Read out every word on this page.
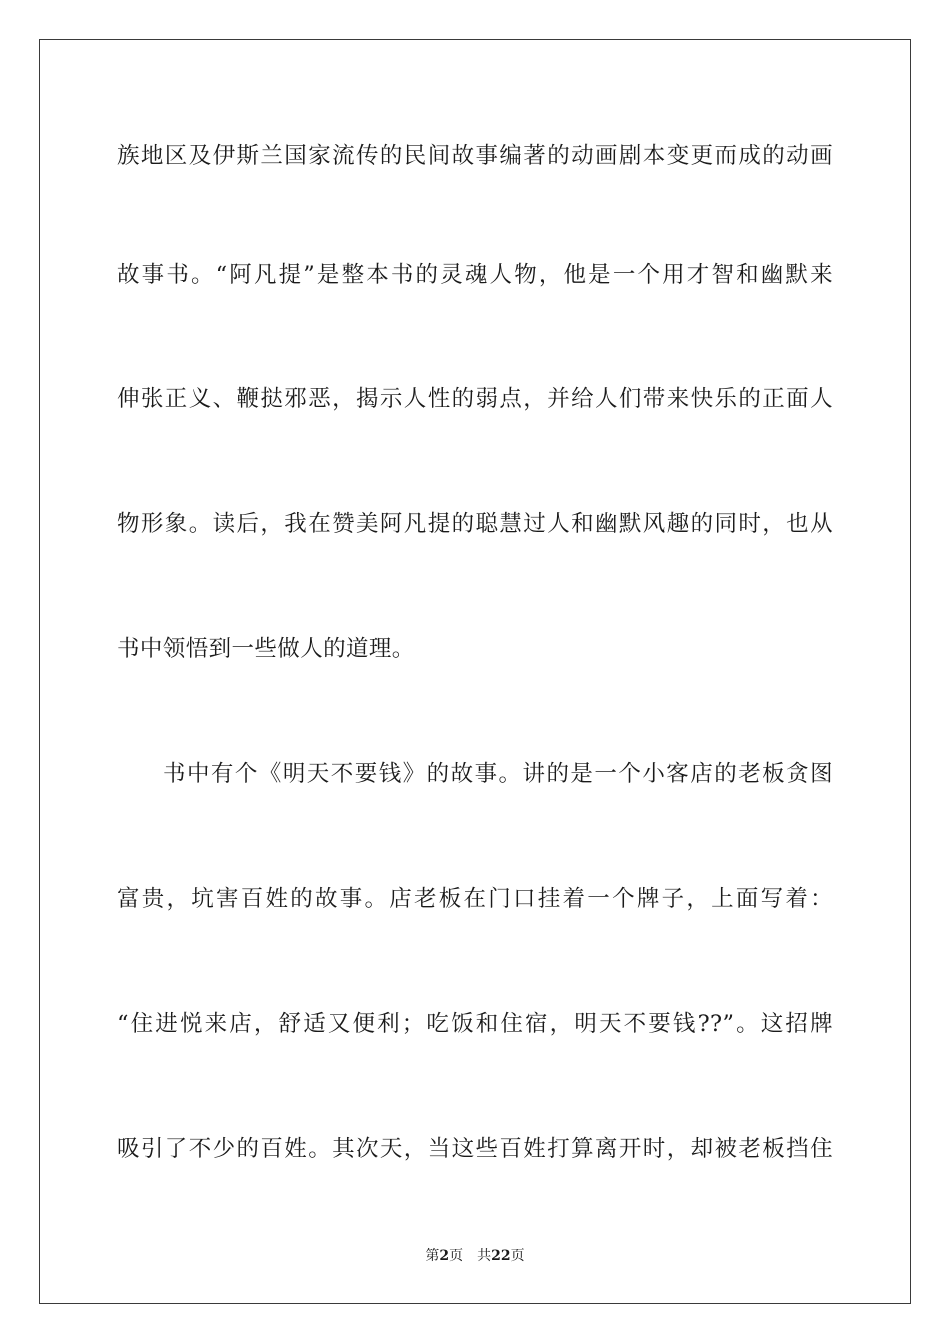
族地区及伊斯兰国家流传的民间故事编著的动画剧本变更而成的动画
故事书。“阿凡提”是整本书的灵魂人物，他是一个用才智和幽默来
伸张正义、鞭挞邪恶，揭示人性的弱点，并给人们带来快乐的正面人
物形象。读后，我在赞美阿凡提的聪慧过人和幽默风趣的同时，也从
书中领悟到一些做人的道理。
书中有个《明天不要钱》的故事。讲的是一个小客店的老板贪图
富贵，坑害百姓的故事。店老板在门口挂着一个牌子，上面写着：
“住进悦来店，舒适又便利；吃饭和住宿，明天不要钱??”。这招牌
吸引了不少的百姓。其次天，当这些百姓打算离开时，却被老板挡住
第2页 共22页
